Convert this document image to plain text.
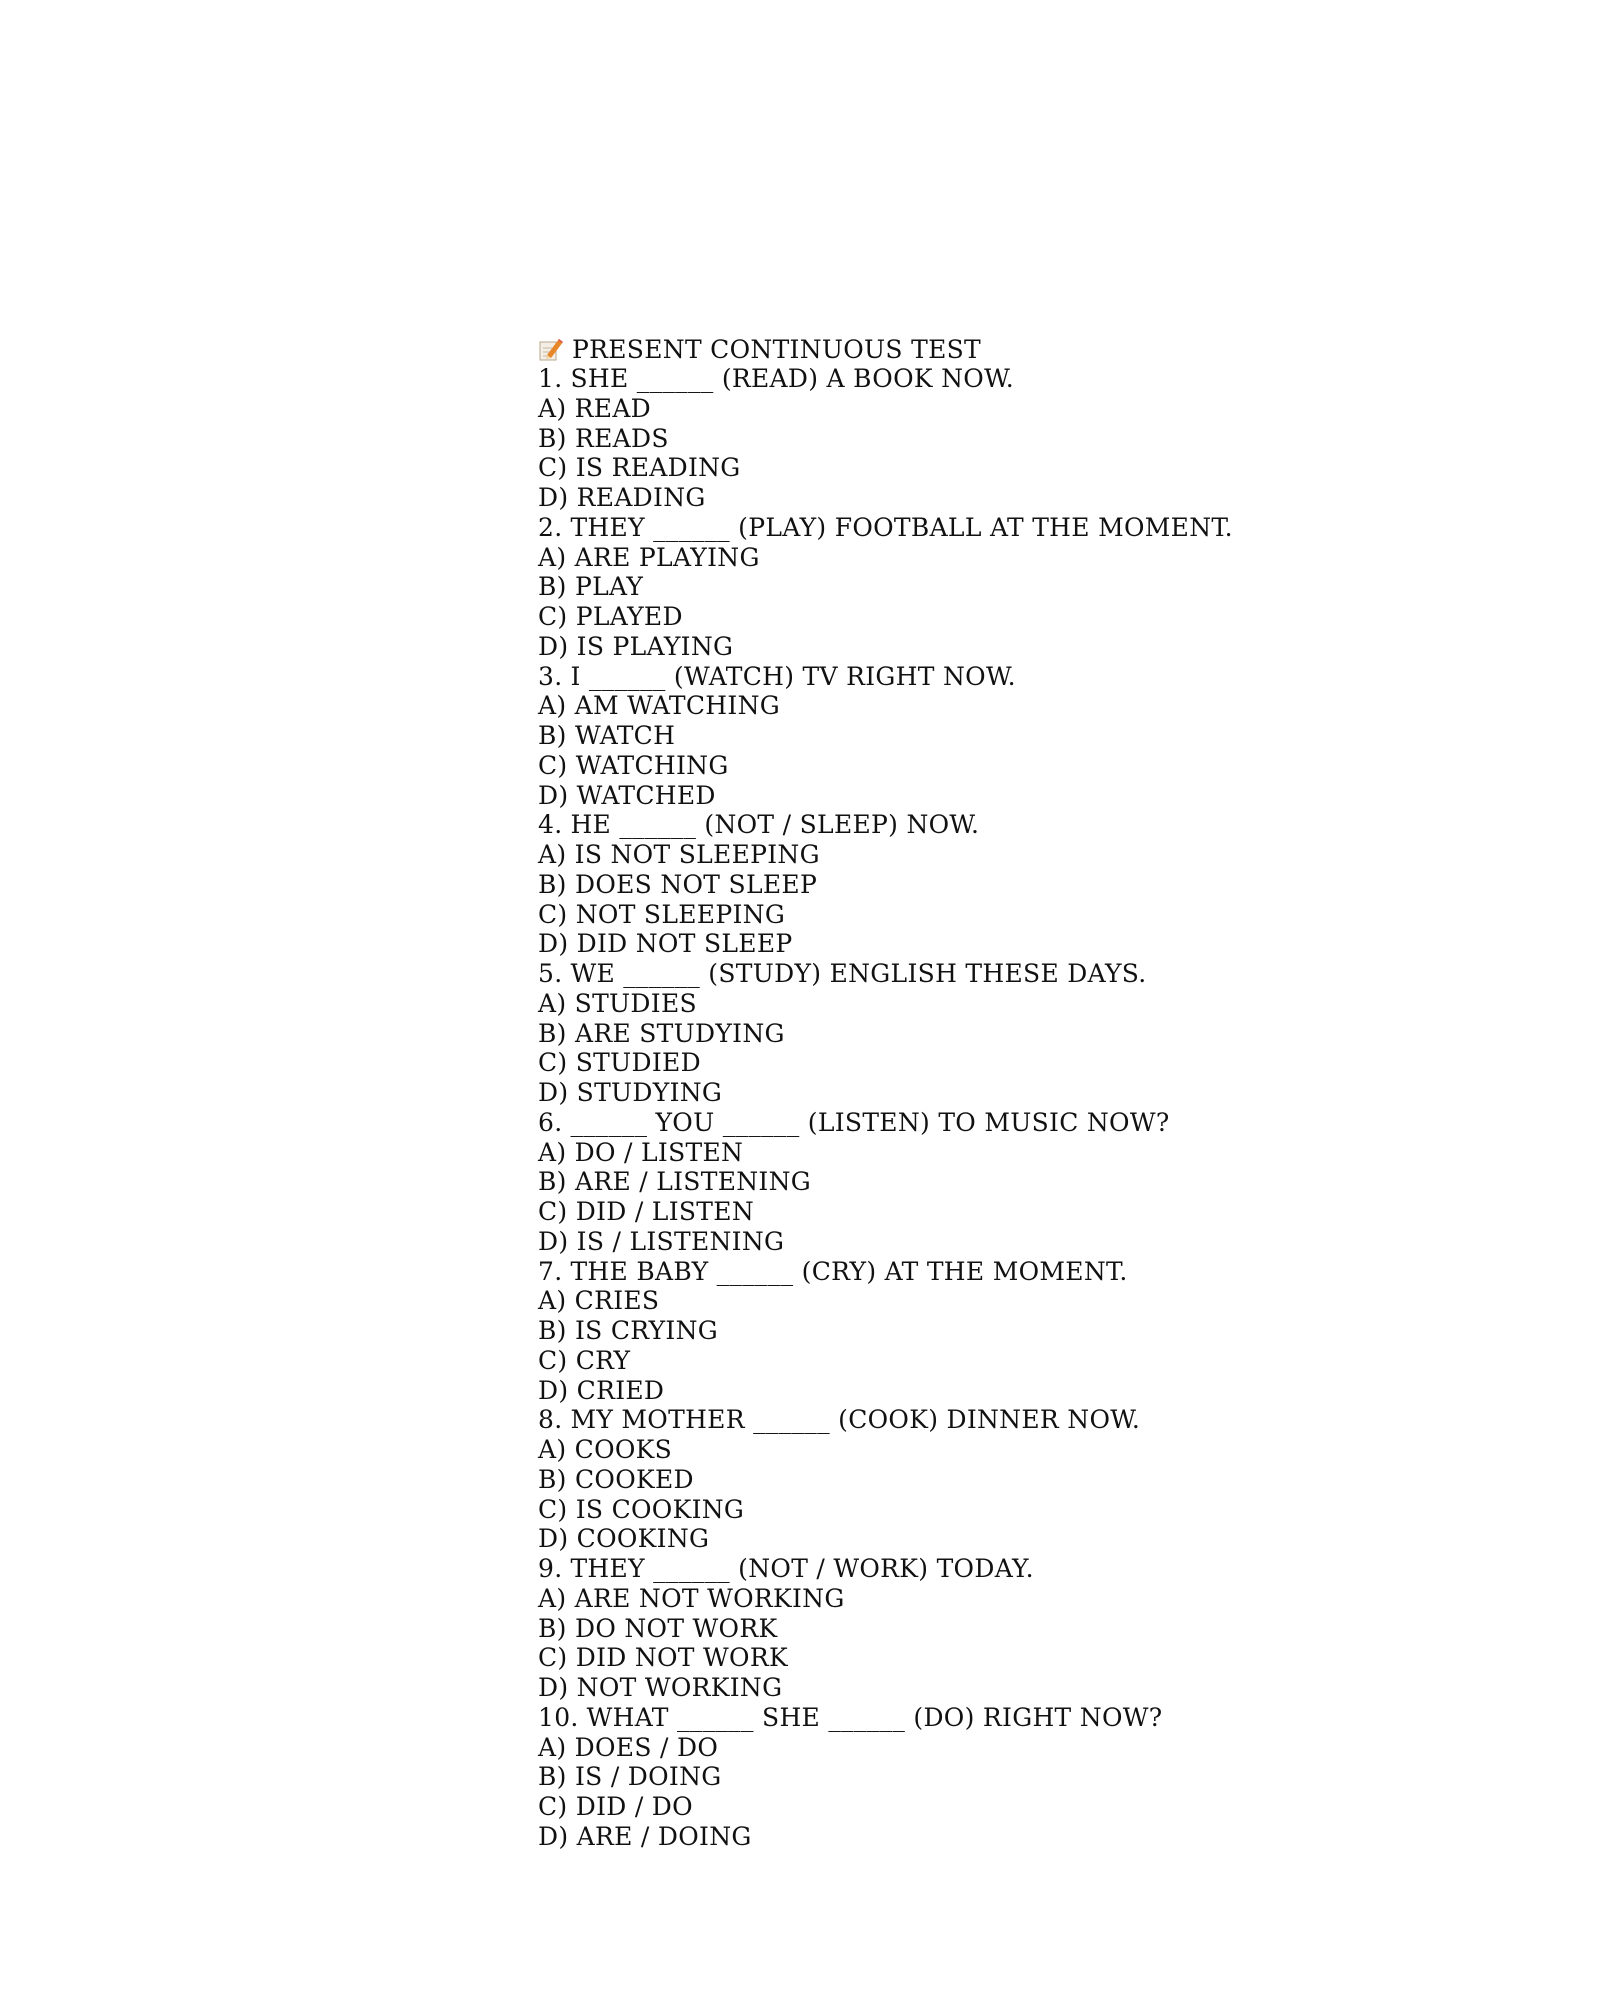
PRESENT CONTINUOUS TEST
1. SHE ______ (READ) A BOOK NOW.
A) READ
B) READS
C) IS READING
D) READING
2. THEY ______ (PLAY) FOOTBALL AT THE MOMENT.
A) ARE PLAYING
B) PLAY
C) PLAYED
D) IS PLAYING
3. I ______ (WATCH) TV RIGHT NOW.
A) AM WATCHING
B) WATCH
C) WATCHING
D) WATCHED
4. HE ______ (NOT / SLEEP) NOW.
A) IS NOT SLEEPING
B) DOES NOT SLEEP
C) NOT SLEEPING
D) DID NOT SLEEP
5. WE ______ (STUDY) ENGLISH THESE DAYS.
A) STUDIES
B) ARE STUDYING
C) STUDIED
D) STUDYING
6. ______ YOU ______ (LISTEN) TO MUSIC NOW?
A) DO / LISTEN
B) ARE / LISTENING
C) DID / LISTEN
D) IS / LISTENING
7. THE BABY ______ (CRY) AT THE MOMENT.
A) CRIES
B) IS CRYING
C) CRY
D) CRIED
8. MY MOTHER ______ (COOK) DINNER NOW.
A) COOKS
B) COOKED
C) IS COOKING
D) COOKING
9. THEY ______ (NOT / WORK) TODAY.
A) ARE NOT WORKING
B) DO NOT WORK
C) DID NOT WORK
D) NOT WORKING
10. WHAT ______ SHE ______ (DO) RIGHT NOW?
A) DOES / DO
B) IS / DOING
C) DID / DO
D) ARE / DOING
